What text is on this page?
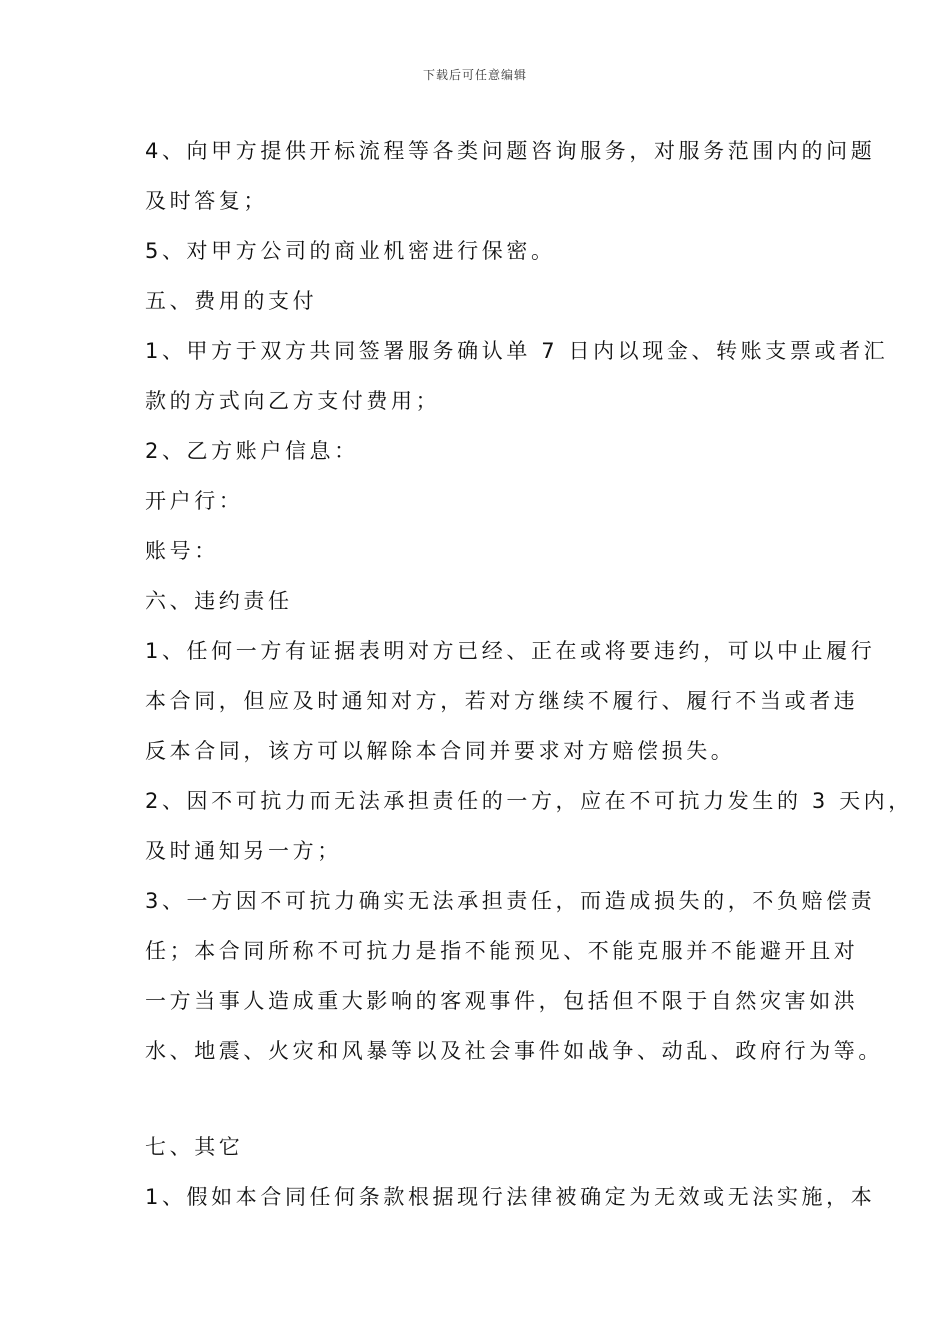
下载后可任意编辑
4、向甲方提供开标流程等各类问题咨询服务，对服务范围内的问题
及时答复；
5、对甲方公司的商业机密进行保密。
五、费用的支付
1、甲方于双方共同签署服务确认单 7 日内以现金、转账支票或者汇
款的方式向乙方支付费用；
2、乙方账户信息：
开户行：
账号：
六、违约责任
1、任何一方有证据表明对方已经、正在或将要违约，可以中止履行
本合同，但应及时通知对方，若对方继续不履行、履行不当或者违
反本合同，该方可以解除本合同并要求对方赔偿损失。
2、因不可抗力而无法承担责任的一方，应在不可抗力发生的 3 天内，
及时通知另一方；
3、一方因不可抗力确实无法承担责任，而造成损失的，不负赔偿责
任；本合同所称不可抗力是指不能预见、不能克服并不能避开且对
一方当事人造成重大影响的客观事件，包括但不限于自然灾害如洪
水、地震、火灾和风暴等以及社会事件如战争、动乱、政府行为等。
七、其它
1、假如本合同任何条款根据现行法律被确定为无效或无法实施，本
